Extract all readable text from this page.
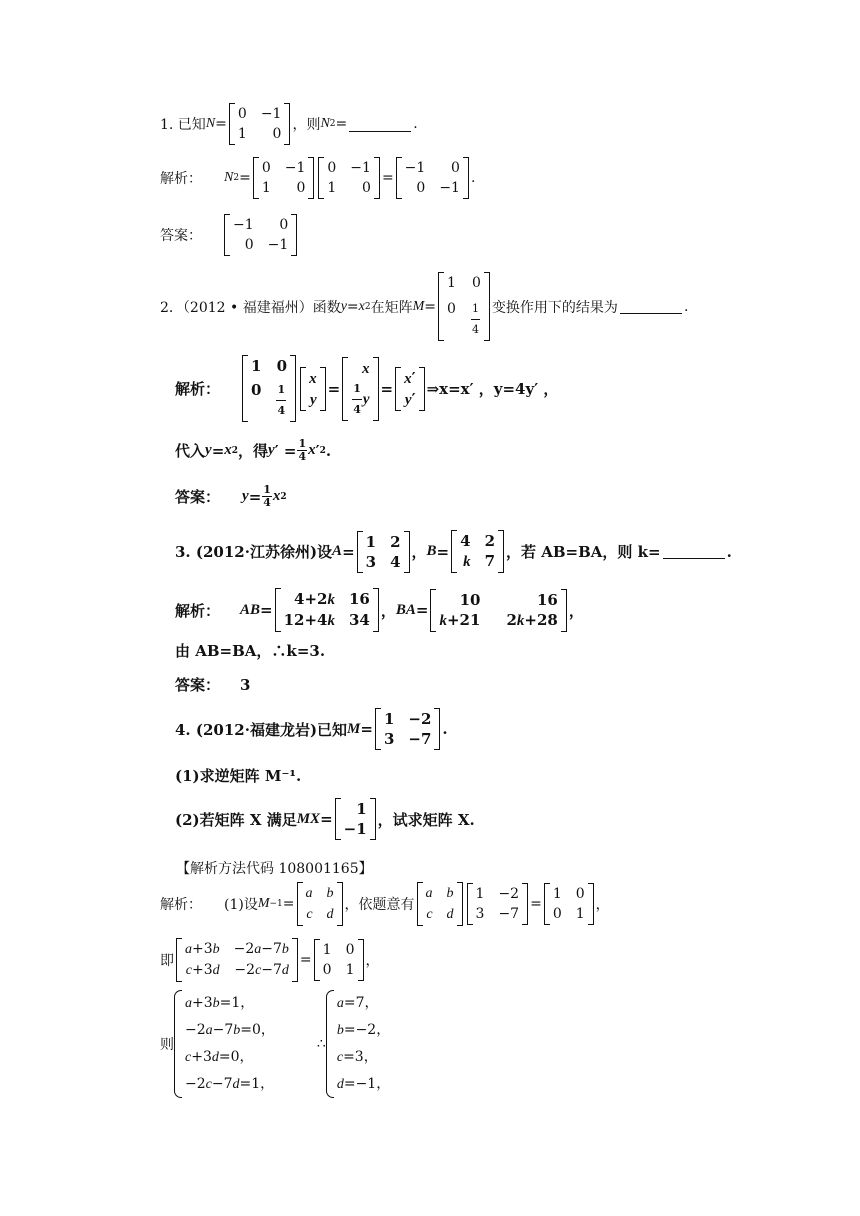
1. 已知 N =
0 −1
1	0
，则 N 2 =	.
解析： N 2 =
0 −1
1	0
0 −1
1	0
=
−1	0
0 −1
.
答案：
−1	0
0 −1
2．（2012 • 福建福州）函数 y = x 2 在矩阵 M =
1 0
$0 \frac{1}{4}$ 变换作用下的结果为	.
解析：
1 0
$0 \frac{1}{4}$
x
y
=
x
$\frac{1}{4}$ y
=
x′
y′
⇒x=x′ ，y=4y′ ，
代入 y = x 2 ，得 y ′ = $\frac{1}{4}$ x ′ 2 .
答案： $y = \frac{1}{4}$ x 2
3. (2012·江苏徐州)设 A =
1 2
3 4
， B =
4 2
k 7 ，若 AB=BA，则 k=	.
解析： AB =
4+2k 16
12+4k 34
， BA =
10	16
k+21 2k+28 ，
由 AB=BA，∴k=3.
答案： 3
4. (2012·福建龙岩)已知 M =
1 −2
3 −7
.
(1)求逆矩阵 M⁻¹.
(2)若矩阵 X 满足 MX =
1
−1
，试求矩阵 X.
【解析方法代码 108001165】
解析： (1)设 M −1 =
a b
c d
，依题意有
a b
c d
1 −2
3 −7
=
1 0
0 1
，
即
a+3b −2a−7b
c+3d −2c−7d
=
1 0
0 1
，
则
a+3b=1，
−2a−7b=0，
c+3d=0，
−2c−7d=1，
∴
a=7，
b=−2，
c=3，
d=−1，
